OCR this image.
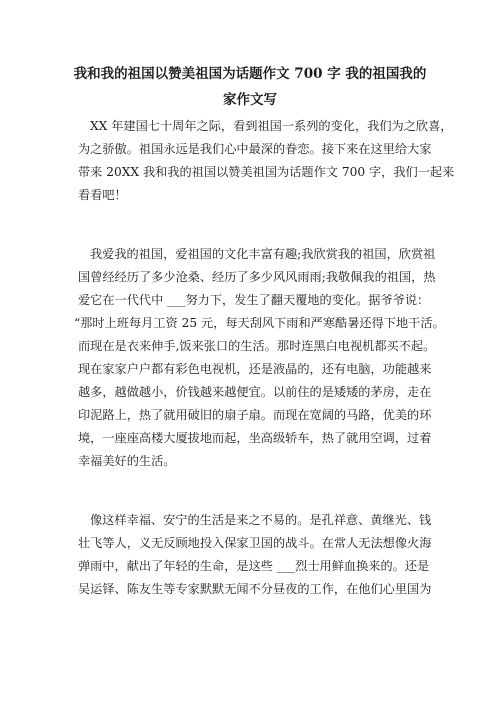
我和我的祖国以赞美祖国为话题作文 700 字 我的祖国我的
家作文写

XX 年建国七十周年之际，看到祖国一系列的变化，我们为之欣喜，

为之骄傲。祖国永远是我们心中最深的眷恋。接下来在这里给大家

带来 20XX 我和我的祖国以赞美祖国为话题作文 700 字，我们一起来

看看吧！

我爱我的祖国，爱祖国的文化丰富有趣;我欣赏我的祖国，欣赏祖

国曾经经历了多少沧桑、经历了多少风风雨雨;我敬佩我的祖国，热

爱它在一代代中 ___努力下，发生了翻天覆地的变化。据爷爷说：

“那时上班每月工资 25 元，每天刮风下雨和严寒酷暑还得下地干活。

而现在是衣来伸手,饭来张口的生活。那时连黑白电视机都买不起。

现在家家户户都有彩色电视机，还是液晶的，还有电脑，功能越来

越多，越做越小，价钱越来越便宜。以前住的是矮矮的茅房，走在

印泥路上，热了就用破旧的扇子扇。而现在宽阔的马路，优美的环

境，一座座高楼大厦拔地而起，坐高级轿车，热了就用空调，过着

幸福美好的生活。

像这样幸福、安宁的生活是来之不易的。是孔祥意、黄继光、钱

壮飞等人，义无反顾地投入保家卫国的战斗。在常人无法想像火海

弹雨中，献出了年轻的生命，是这些 ___烈士用鲜血换来的。还是

吴运铎、陈友生等专家默默无闻不分昼夜的工作，在他们心里国为
